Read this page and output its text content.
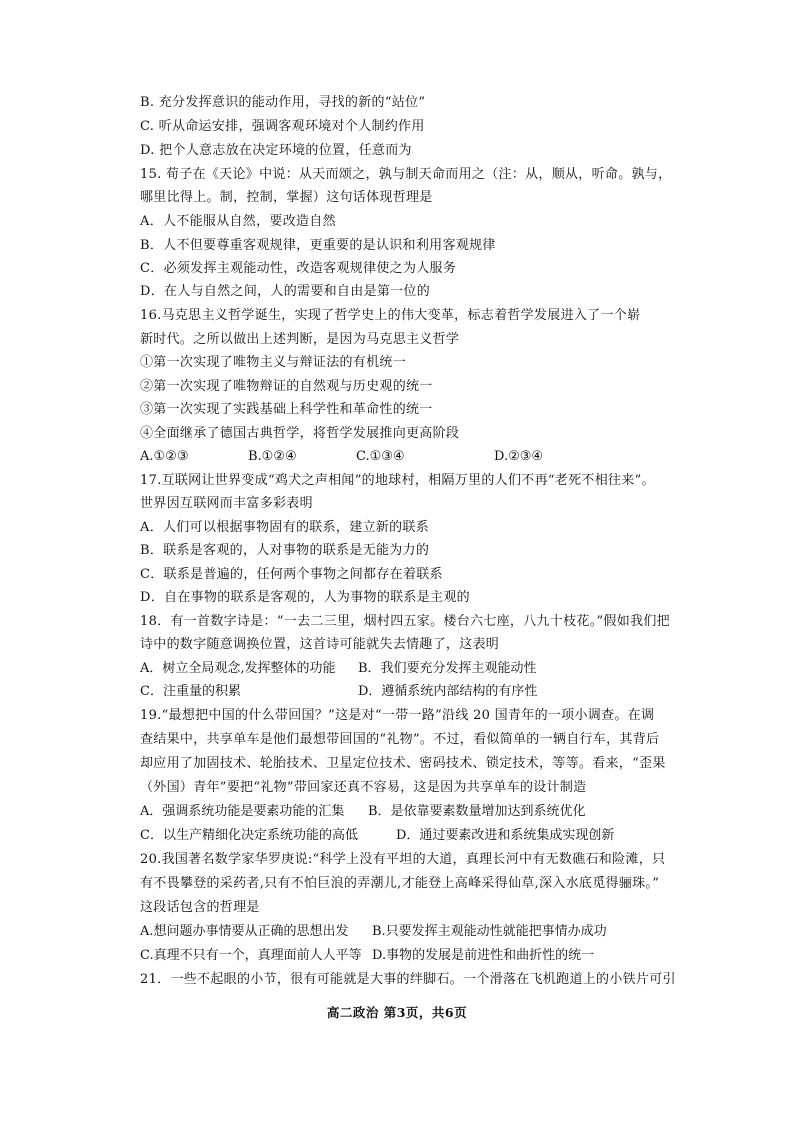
B. 充分发挥意识的能动作用，寻找的新的“站位”
C. 听从命运安排，强调客观环境对个人制约作用
D. 把个人意志放在决定环境的位置，任意而为
15. 荀子在《天论》中说：从天而颂之，孰与制天命而用之（注：从，顺从，听命。孰与，
哪里比得上。制，控制，掌握）这句话体现哲理是
A．人不能服从自然，要改造自然
B．人不但要尊重客观规律，更重要的是认识和利用客观规律
C．必须发挥主观能动性，改造客观规律使之为人服务
D．在人与自然之间，人的需要和自由是第一位的
16.马克思主义哲学诞生，实现了哲学史上的伟大变革，标志着哲学发展进入了一个崭
新时代。之所以做出上述判断，是因为马克思主义哲学
①第一次实现了唯物主义与辩证法的有机统一
②第一次实现了唯物辩证的自然观与历史观的统一
③第一次实现了实践基础上科学性和革命性的统一
④全面继承了德国古典哲学，将哲学发展推向更高阶段
A.①②③	B.①②④	C.①③④	D.②③④
17.互联网让世界变成“鸡犬之声相闻”的地球村，相隔万里的人们不再“老死不相往来”。
世界因互联网而丰富多彩表明
A．人们可以根据事物固有的联系，建立新的联系
B．联系是客观的，人对事物的联系是无能为力的
C．联系是普遍的，任何两个事物之间都存在着联系
D．自在事物的联系是客观的，人为事物的联系是主观的
18．有一首数字诗是：“一去二三里，烟村四五家。楼台六七座，八九十枝花。”假如我们把
诗中的数字随意调换位置，这首诗可能就失去情趣了，这表明
A．树立全局观念,发挥整体的功能 B．我们要充分发挥主观能动性
C．注重量的积累	D．遵循系统内部结构的有序性
19.“最想把中国的什么带回国？”这是对“一带一路”沿线 20 国青年的一项小调查。在调
查结果中，共享单车是他们最想带回国的“礼物”。不过，看似简单的一辆自行车，其背后
却应用了加固技术、轮胎技术、卫星定位技术、密码技术、锁定技术，等等。看来，“歪果
（外国）青年”要把“礼物”带回家还真不容易，这是因为共享单车的设计制造
A．强调系统功能是要素功能的汇集 B．是依靠要素数量增加达到系统优化
C．以生产精细化决定系统功能的高低	D．通过要素改进和系统集成实现创新
20.我国著名数学家华罗庚说:“科学上没有平坦的大道，真理长河中有无数礁石和险滩，只
有不畏攀登的采药者,只有不怕巨浪的弄潮儿,才能登上高峰采得仙草,深入水底觅得骊珠。”
这段话包含的哲理是
A.想问题办事情要从正确的思想出发 B.只要发挥主观能动性就能把事情办成功
C.真理不只有一个，真理面前人人平等 D.事物的发展是前进性和曲折性的统一
21．一些不起眼的小节，很有可能就是大事的绊脚石。一个滑落在飞机跑道上的小铁片可引
高二政治 第3页，共6页
